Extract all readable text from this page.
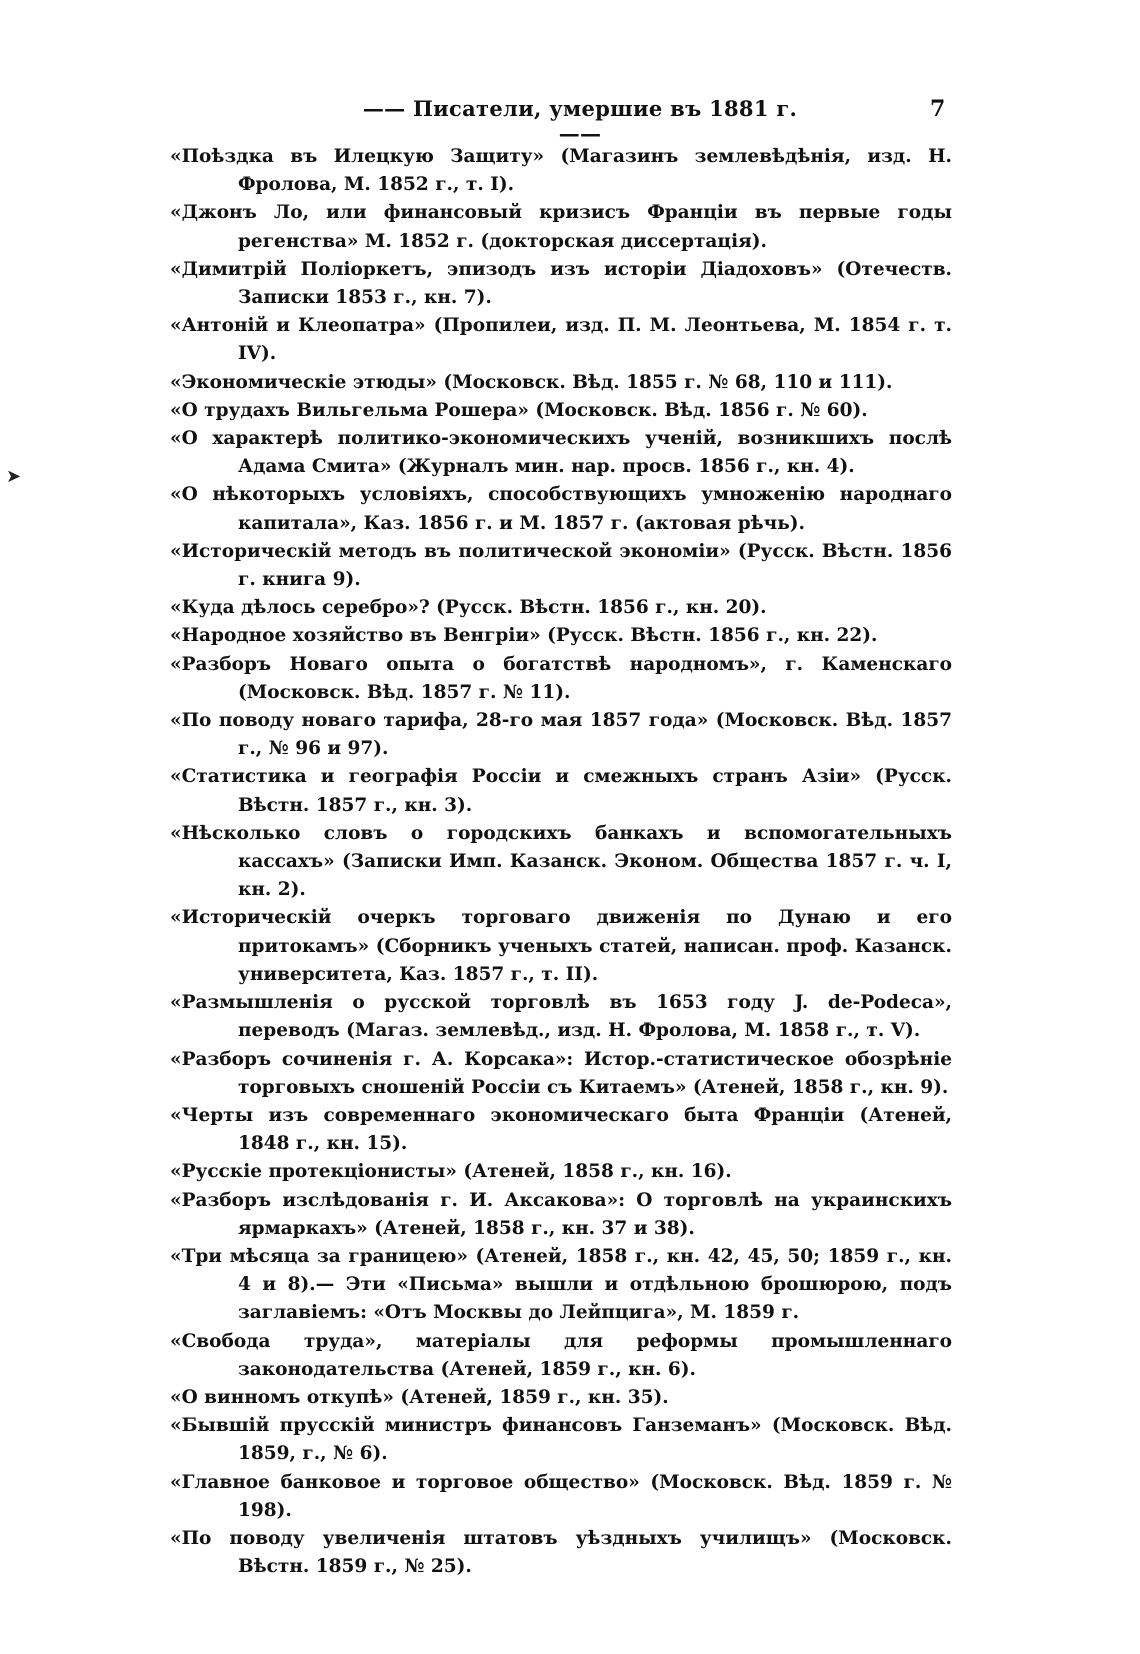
—— Писатели, умершие въ 1881 г. ——
7
➤

«Поѣздка въ Илецкую Защиту» (Магазинъ землевѣдѣнія, изд. Н. Фролова, М. 1852 г., т. I).

«Джонъ Ло, или финансовый кризисъ Франціи въ первые годы регенства» М. 1852 г. (докторская диссертація).

«Димитрій Поліоркетъ, эпизодъ изъ исторіи Діадоховъ» (Отечеств. Записки 1853 г., кн. 7).

«Антоній и Клеопатра» (Пропилеи, изд. П. М. Леонтьева, М. 1854 г. т. IV).

«Экономическіе этюды» (Московск. Вѣд. 1855 г. № 68, 110 и 111).

«О трудахъ Вильгельма Рошера» (Московск. Вѣд. 1856 г. № 60).

«О характерѣ политико-экономическихъ ученій, возникшихъ послѣ Адама Смита» (Журналъ мин. нар. просв. 1856 г., кн. 4).

«О нѣкоторыхъ условіяхъ, способствующихъ умноженію народнаго капитала», Каз. 1856 г. и М. 1857 г. (актовая рѣчь).

«Историческій методъ въ политической экономіи» (Русск. Вѣстн. 1856 г. книга 9).

«Куда дѣлось серебро»? (Русск. Вѣстн. 1856 г., кн. 20).

«Народное хозяйство въ Венгріи» (Русск. Вѣстн. 1856 г., кн. 22).

«Разборъ Новаго опыта о богатствѣ народномъ», г. Каменскаго (Московск. Вѣд. 1857 г. № 11).

«По поводу новаго тарифа, 28-го мая 1857 года» (Московск. Вѣд. 1857 г., № 96 и 97).

«Статистика и географія Россіи и смежныхъ странъ Азіи» (Русск. Вѣстн. 1857 г., кн. 3).

«Нѣсколько словъ о городскихъ банкахъ и вспомогательныхъ кассахъ» (Записки Имп. Казанск. Эконом. Общества 1857 г. ч. I, кн. 2).

«Историческій очеркъ торговаго движенія по Дунаю и его притокамъ» (Сборникъ ученыхъ статей, написан. проф. Казанск. университета, Каз. 1857 г., т. II).

«Размышленія о русской торговлѣ въ 1653 году J. de-Podeca», переводъ (Магаз. землевѣд., изд. Н. Фролова, М. 1858 г., т. V).

«Разборъ сочиненія г. А. Корсака»: Истор.-статистическое обозрѣніе торговыхъ сношеній Россіи съ Китаемъ» (Атеней, 1858 г., кн. 9).

«Черты изъ современнаго экономическаго быта Франціи (Атеней, 1848 г., кн. 15).

«Русскіе протекціонисты» (Атеней, 1858 г., кн. 16).

«Разборъ изслѣдованія г. И. Аксакова»: О торговлѣ на украинскихъ ярмаркахъ» (Атеней, 1858 г., кн. 37 и 38).

«Три мѣсяца за границею» (Атеней, 1858 г., кн. 42, 45, 50; 1859 г., кн. 4 и 8).— Эти «Письма» вышли и отдѣльною брошюрою, подъ заглавіемъ: «Отъ Москвы до Лейпцига», М. 1859 г.

«Свобода труда», матеріалы для реформы промышленнаго законодательства (Атеней, 1859 г., кн. 6).

«О винномъ откупѣ» (Атеней, 1859 г., кн. 35).

«Бывшій прусскій министръ финансовъ Ганземанъ» (Московск. Вѣд. 1859, г., № 6).

«Главное банковое и торговое общество» (Московск. Вѣд. 1859 г. № 198).

«По поводу увеличенія штатовъ уѣздныхъ училищъ» (Московск. Вѣстн. 1859 г., № 25).
